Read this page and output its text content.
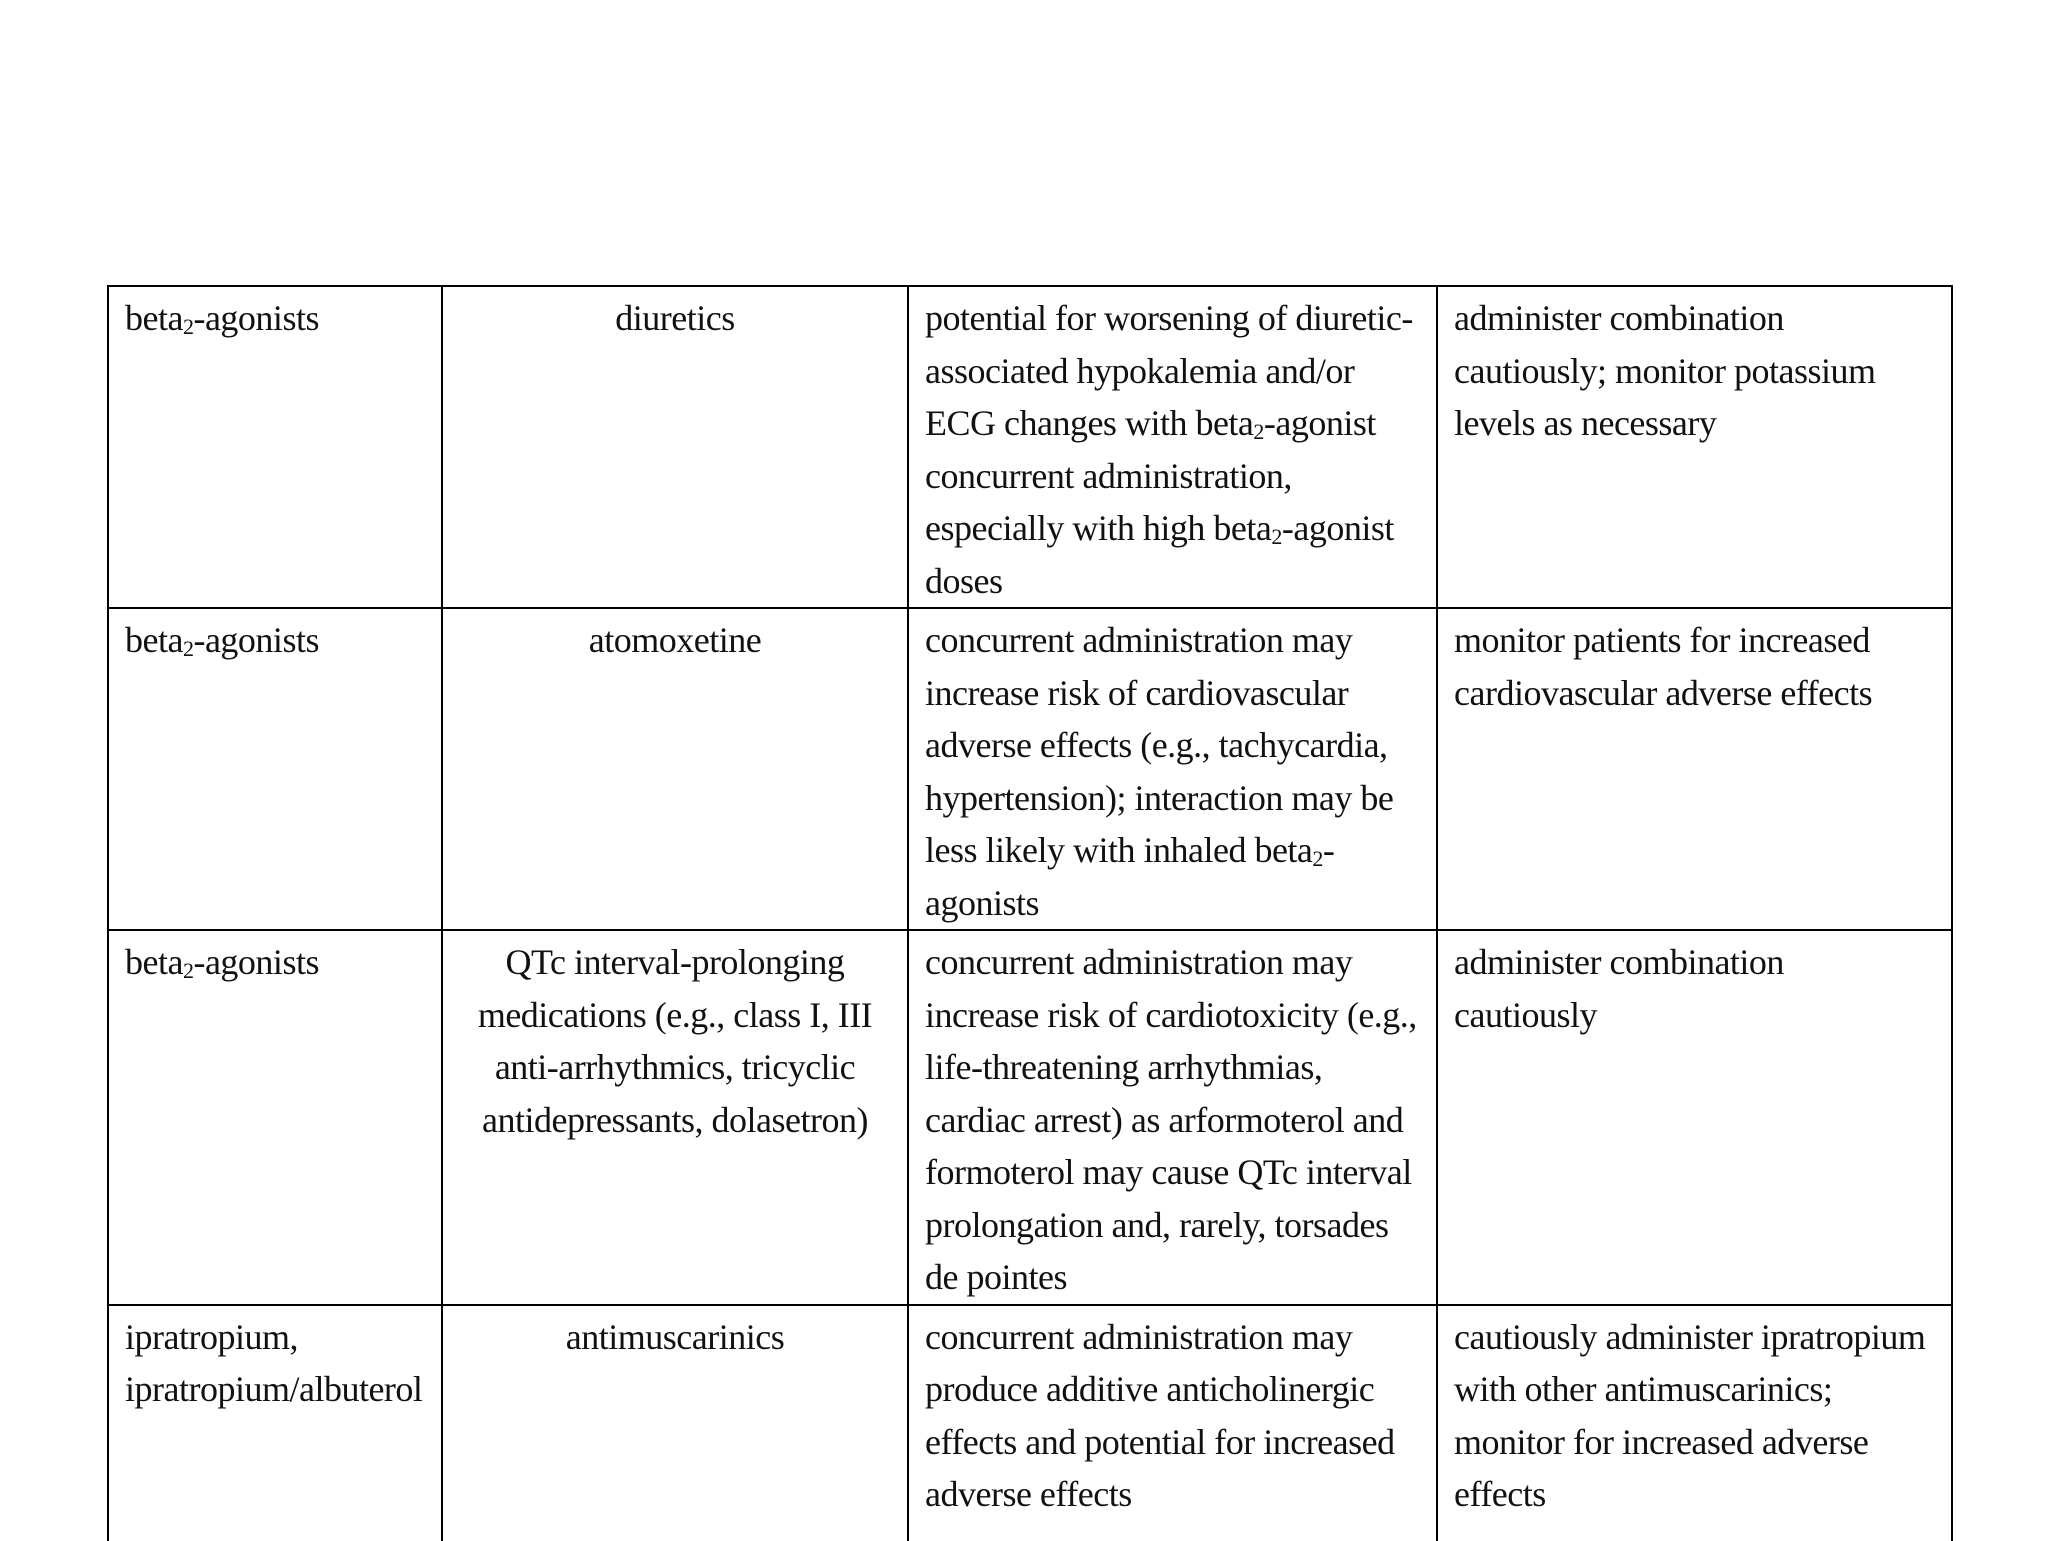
beta$_2$-agonists	diuretics	potential for worsening of diuretic-associated hypokalemia and/or ECG changes with beta$_2$-agonist concurrent administration, especially with high beta$_2$-agonist doses	administer combination cautiously; monitor potassium levels as necessary
beta$_2$-agonists	atomoxetine	concurrent administration may increase risk of cardiovascular adverse effects (e.g., tachycardia, hypertension); interaction may be less likely with inhaled beta$_2$-agonists	monitor patients for increased cardiovascular adverse effects
beta$_2$-agonists	QTc interval-prolonging medications (e.g., class I, III anti-arrhythmics, tricyclic antidepressants, dolasetron)	concurrent administration may increase risk of cardiotoxicity (e.g., life-threatening arrhythmias, cardiac arrest) as arformoterol and formoterol may cause QTc interval prolongation and, rarely, torsades de pointes	administer combination cautiously
ipratropium, ipratropium/albuterol	antimuscarinics	concurrent administration may produce additive anticholinergic effects and potential for increased adverse effects	cautiously administer ipratropium with other antimuscarinics; monitor for increased adverse effects
